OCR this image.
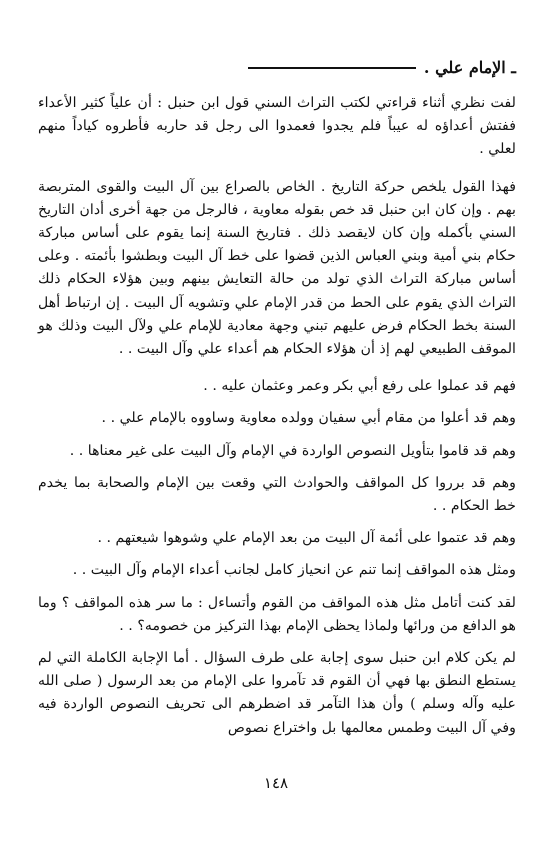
ـ الإمام علي .

لفت نظري أثناء قراءتي لكتب التراث السني قول ابن حنبل : أن علياً كثير الأعداء ففتش أعداؤه له عيباً فلم يجدوا فعمدوا الى رجل قد حاربه فأطروه كياداً منهم لعلي .

فهذا القول يلخص حركة التاريخ . الخاص بالصراع بين آل البيت والقوى المتربصة بهم . وإن كان ابن حنبل قد خص بقوله معاوية ، فالرجل من جهة أخرى أدان التاريخ السني بأكمله وإن كان لايقصد ذلك . فتاريخ السنة إنما يقوم على أساس مباركة حكام بني أمية وبني العباس الذين قضوا على خط آل البيت وبطشوا بأئمته . وعلى أساس مباركة التراث الذي تولد من حالة التعايش بينهم وبين هؤلاء الحكام ذلك التراث الذي يقوم على الحط من قدر الإمام علي وتشويه آل البيت . إن ارتباط أهل السنة بخط الحكام فرض عليهم تبني وجهة معادية للإمام علي ولآل البيت وذلك هو الموقف الطبيعي لهم إذ أن هؤلاء الحكام هم أعداء علي وآل البيت . .

فهم قد عملوا على رفع أبي بكر وعمر وعثمان عليه . .

وهم قد أعلوا من مقام أبي سفيان وولده معاوية وساووه بالإمام علي . .

وهم قد قاموا بتأويل النصوص الواردة في الإمام وآل البيت على غير معناها . .

وهم قد برروا كل المواقف والحوادث التي وقعت بين الإمام والصحابة بما يخدم خط الحكام . .

وهم قد عتموا على أئمة آل البيت من بعد الإمام علي وشوهوا شيعتهم . .

ومثل هذه المواقف إنما تنم عن انحياز كامل لجانب أعداء الإمام وآل البيت . .

لقد كنت أتامل مثل هذه المواقف من القوم وأتساءل : ما سر هذه المواقف ؟ وما هو الدافع من ورائها ولماذا يحظى الإمام بهذا التركيز من خصومه؟ . .

لم يكن كلام ابن حنبل سوى إجابة على طرف السؤال . أما الإجابة الكاملة التي لم يستطع النطق بها فهي أن القوم قد تآمروا على الإمام من بعد الرسول ( صلى الله عليه وآله وسلم ) وأن هذا التآمر قد اضطرهم الى تحريف النصوص الواردة فيه وفي آل البيت وطمس معالمها بل واختراع نصوص

١٤٨
